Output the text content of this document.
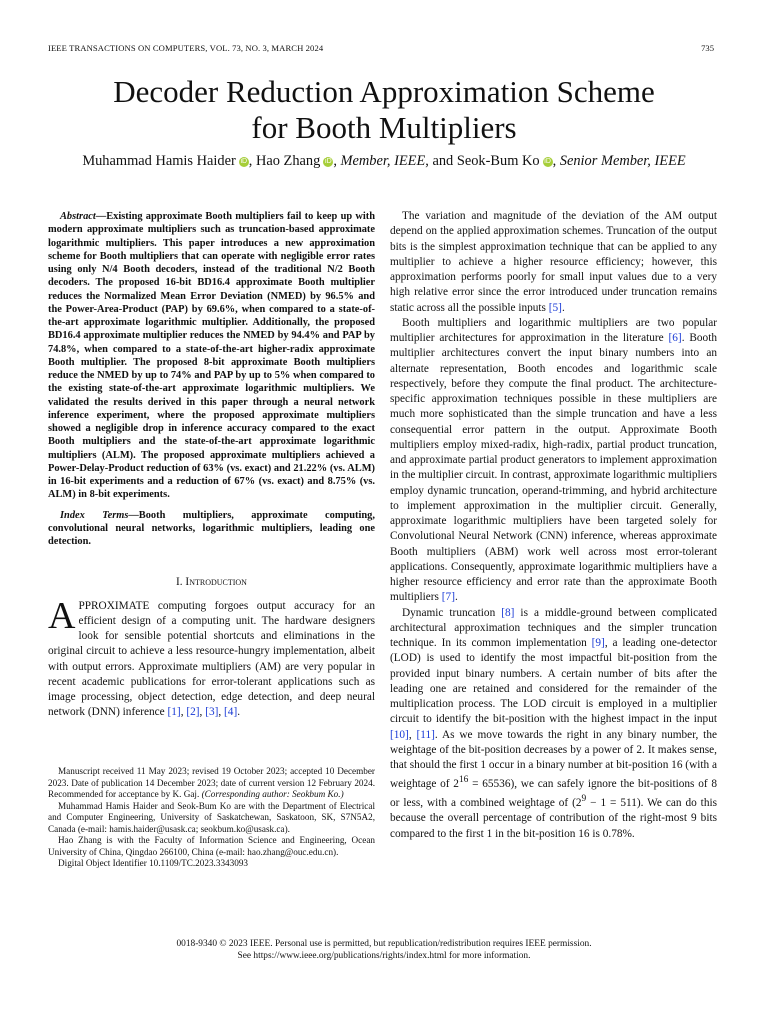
IEEE TRANSACTIONS ON COMPUTERS, VOL. 73, NO. 3, MARCH 2024	735
Decoder Reduction Approximation Scheme
for Booth Multipliers
Muhammad Hamis Haider iD , Hao Zhang iD , Member, IEEE, and Seok-Bum Ko iD , Senior Member, IEEE

Abstract—Existing approximate Booth multipliers fail to keep up with modern approximate multipliers such as truncation-based approximate logarithmic multipliers. This paper introduces a new approximation scheme for Booth multipliers that can operate with negligible error rates using only N/4 Booth decoders, instead of the traditional N/2 Booth decoders. The proposed 16-bit BD16.4 approximate Booth multiplier reduces the Normalized Mean Error Deviation (NMED) by 96.5% and the Power-Area-Product (PAP) by 69.6%, when compared to a state-of-the-art approximate logarithmic multiplier. Additionally, the proposed BD16.4 approximate multiplier reduces the NMED by 94.4% and PAP by 74.8%, when compared to a state-of-the-art higher-radix approximate Booth multiplier. The proposed 8-bit approximate Booth multipliers reduce the NMED by up to 74% and PAP by up to 5% when compared to the existing state-of-the-art approximate logarithmic multipliers. We validated the results derived in this paper through a neural network inference experiment, where the proposed approximate multipliers showed a negligible drop in inference accuracy compared to the exact Booth multipliers and the state-of-the-art approximate logarithmic multipliers (ALM). The proposed approximate multipliers achieved a Power-Delay-Product reduction of 63% (vs. exact) and 21.22% (vs. ALM) in 16-bit experiments and a reduction of 67% (vs. exact) and 8.75% (vs. ALM) in 8-bit experiments.

Index Terms—Booth multipliers, approximate computing, convolutional neural networks, logarithmic multipliers, leading one detection.

I. Introduction

APPROXIMATE computing forgoes output accuracy for an efficient design of a computing unit. The hardware designers look for sensible potential shortcuts and eliminations in the original circuit to achieve a less resource-hungry implementation, albeit with output errors. Approximate multipliers (AM) are very popular in recent academic publications for error-tolerant applications such as image processing, object detection, edge detection, and deep neural network (DNN) inference [1], [2], [3], [4].

Manuscript received 11 May 2023; revised 19 October 2023; accepted 10 December 2023. Date of publication 14 December 2023; date of current version 12 February 2024. Recommended for acceptance by K. Gaj. (Corresponding author: Seokbum Ko.)

Muhammad Hamis Haider and Seok-Bum Ko are with the Department of Electrical and Computer Engineering, University of Saskatchewan, Saskatoon, SK, S7N5A2, Canada (e-mail: hamis.haider@usask.ca; seokbum.ko@usask.ca).

Hao Zhang is with the Faculty of Information Science and Engineering, Ocean University of China, Qingdao 266100, China (e-mail: hao.zhang@ouc.edu.cn).

Digital Object Identifier 10.1109/TC.2023.3343093

The variation and magnitude of the deviation of the AM output depend on the applied approximation schemes. Truncation of the output bits is the simplest approximation technique that can be applied to any multiplier to achieve a higher resource efficiency; however, this approximation performs poorly for small input values due to a very high relative error since the error introduced under truncation remains static across all the possible inputs [5].

Booth multipliers and logarithmic multipliers are two popular multiplier architectures for approximation in the literature [6]. Booth multiplier architectures convert the input binary numbers into an alternate representation, Booth encodes and logarithmic scale respectively, before they compute the final product. The architecture-specific approximation techniques possible in these multipliers are much more sophisticated than the simple truncation and have a less consequential error pattern in the output. Approximate Booth multipliers employ mixed-radix, high-radix, partial product truncation, and approximate partial product generators to implement approximation in the multiplier circuit. In contrast, approximate logarithmic multipliers employ dynamic truncation, operand-trimming, and hybrid architecture to implement approximation in the multiplier circuit. Generally, approximate logarithmic multipliers have been targeted solely for Convolutional Neural Network (CNN) inference, whereas approximate Booth multipliers (ABM) work well across most error-tolerant applications. Consequently, approximate logarithmic multipliers have a higher resource efficiency and error rate than the approximate Booth multipliers [7].

Dynamic truncation [8] is a middle-ground between complicated architectural approximation techniques and the simpler truncation technique. In its common implementation [9], a leading one-detector (LOD) is used to identify the most impactful bit-position from the provided input binary numbers. A certain number of bits after the leading one are retained and considered for the remainder of the multiplication process. The LOD circuit is employed in a multiplier circuit to identify the bit-position with the highest impact in the input [10], [11]. As we move towards the right in any binary number, the weightage of the bit-position decreases by a power of 2. It makes sense, that should the first 1 occur in a binary number at bit-position 16 (with a weightage of $2^{16} = 65536$), we can safely ignore the bit-positions of 8 or less, with a combined weightage of $(2^9 - 1 = 511)$. We can do this because the overall percentage of contribution of the right-most 9 bits compared to the first 1 in the bit-position 16 is 0.78%.

0018-9340 © 2023 IEEE. Personal use is permitted, but republication/redistribution requires IEEE permission.
See https://www.ieee.org/publications/rights/index.html for more information.
